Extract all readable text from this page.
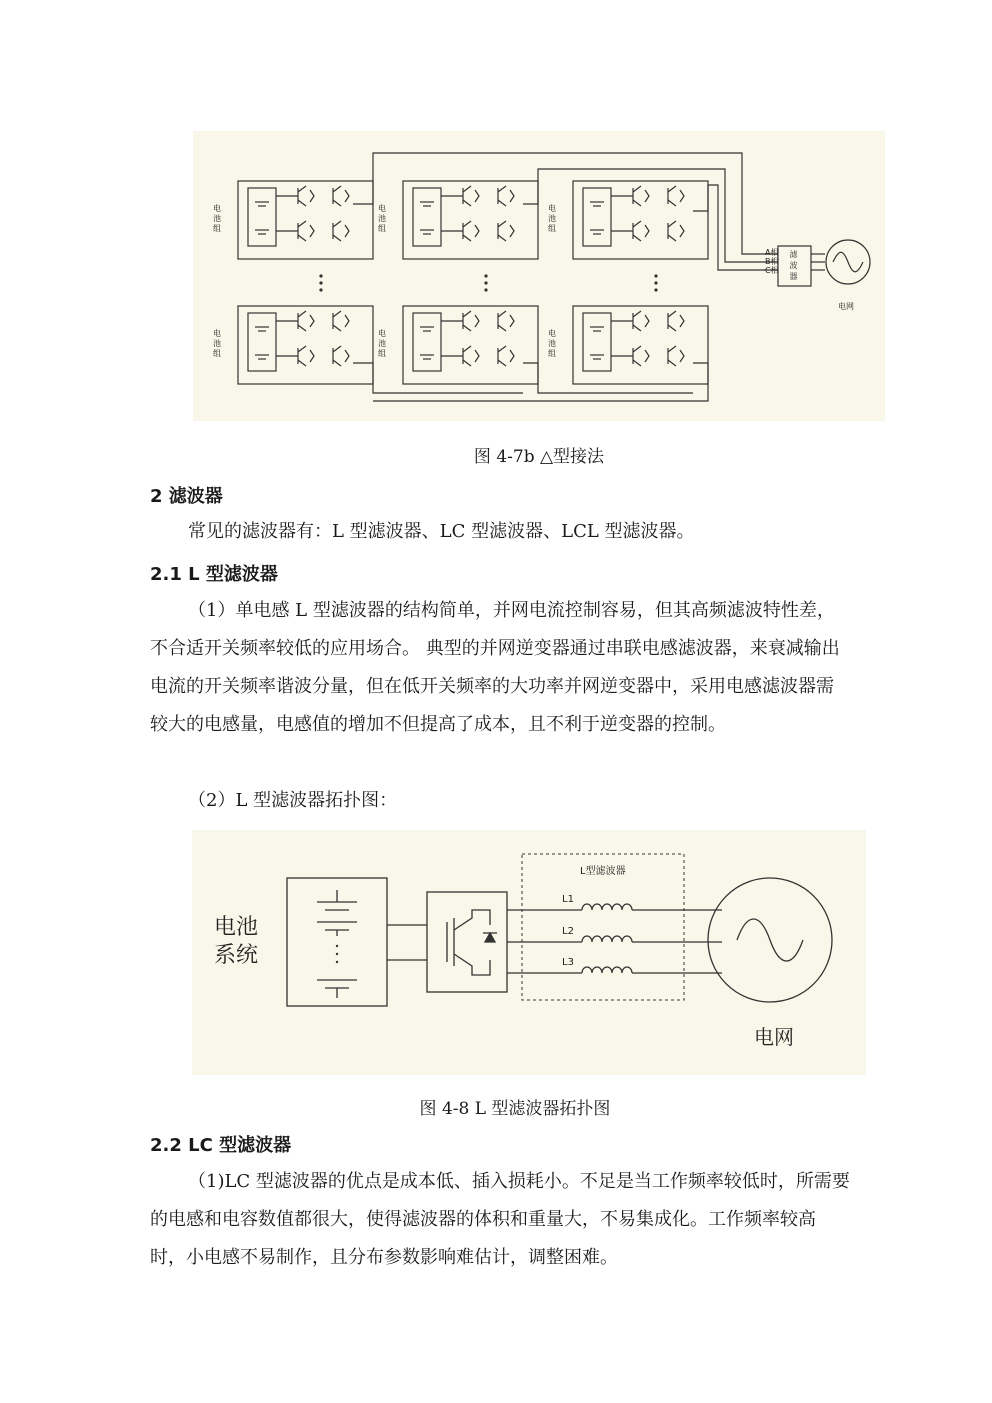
A相
B相
C相
电网
滤波器
电池组
电池组
电池组
电池组
电池组
电池组
图 4-7b △型接法
2 滤波器
常见的滤波器有：L 型滤波器、LC 型滤波器、LCL 型滤波器。
2.1 L 型滤波器
（1）单电感 L 型滤波器的结构简单，并网电流控制容易，但其高频滤波特性差，不合适开关频率较低的应用场合。 典型的并网逆变器通过串联电感滤波器，来衰减输出电流的开关频率谐波分量，但在低开关频率的大功率并网逆变器中，采用电感滤波器需较大的电感量，电感值的增加不但提高了成本，且不利于逆变器的控制。
（2）L 型滤波器拓扑图：
L型滤波器
L1
L2
L3
电池
系统
电网
图 4-8 L 型滤波器拓扑图
2.2 LC 型滤波器
（1)LC 型滤波器的优点是成本低、插入损耗小。不足是当工作频率较低时，所需要的电感和电容数值都很大，使得滤波器的体积和重量大，不易集成化。工作频率较高时，小电感不易制作，且分布参数影响难估计，调整困难。
